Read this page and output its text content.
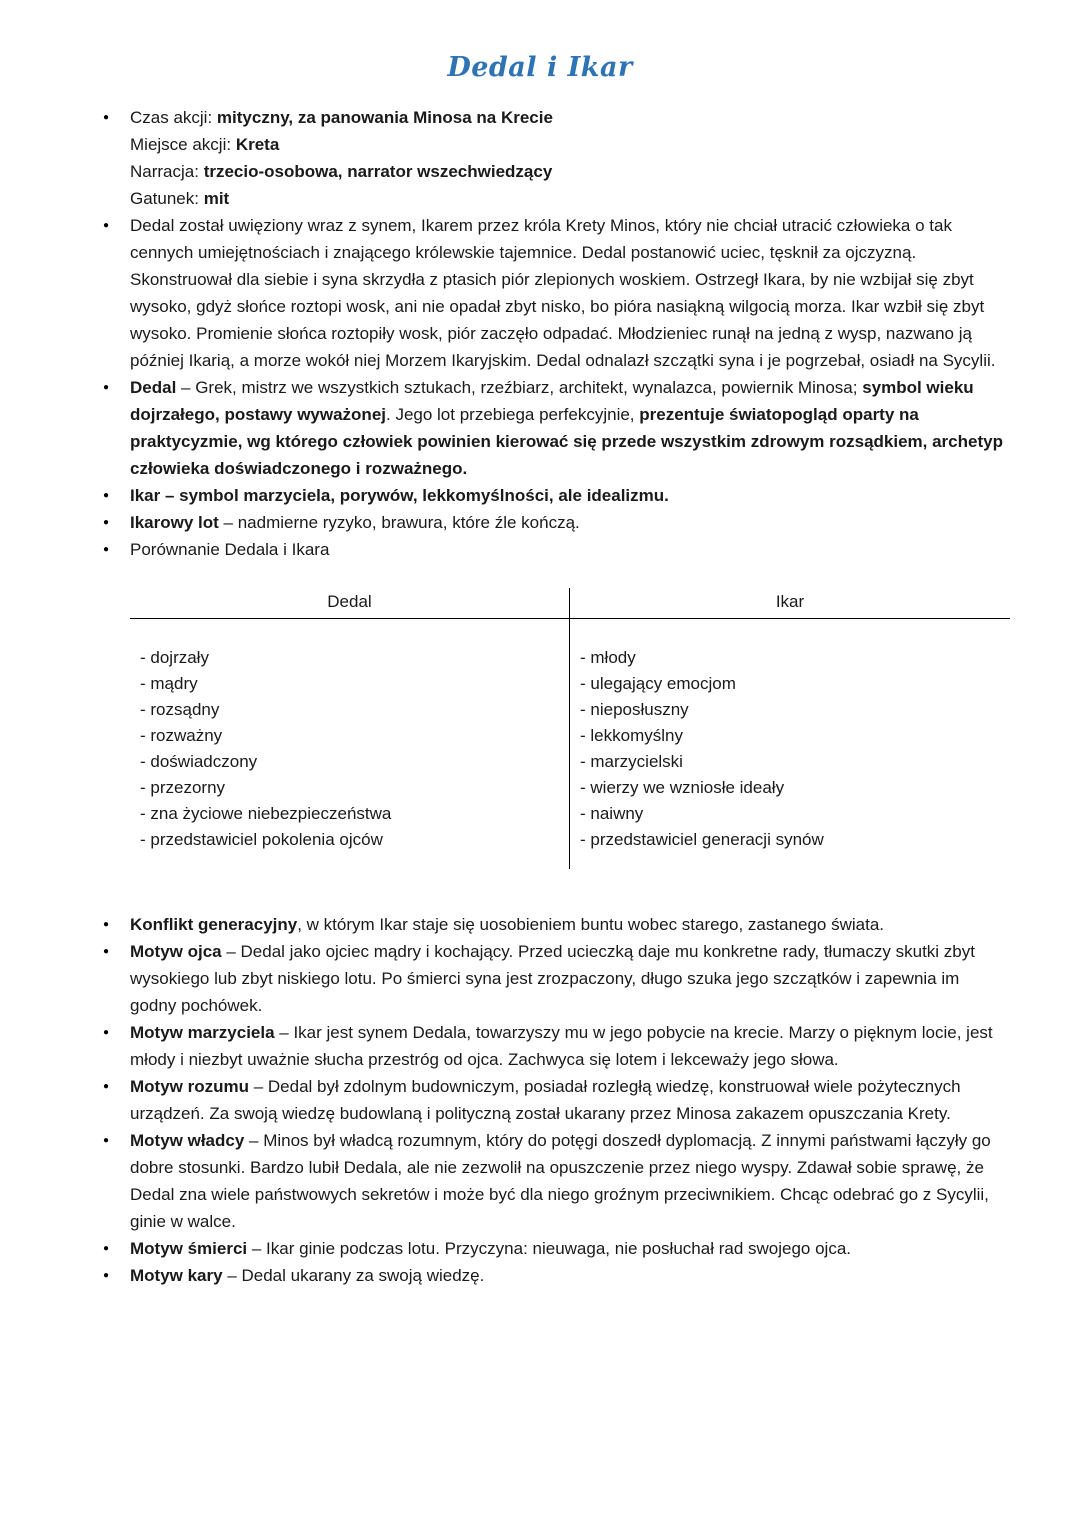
Dedal i Ikar
● Czas akcji: mityczny, za panowania Minosa na Krecie
Miejsce akcji: Kreta
Narracja: trzecio-osobowa, narrator wszechwiedzący
Gatunek: mit
● Dedal został uwięziony wraz z synem, Ikarem przez króla Krety Minos, który nie chciał utracić człowieka o tak cennych umiejętnościach i znającego królewskie tajemnice. Dedal postanowić uciec, tęsknił za ojczyzną. Skonstruował dla siebie i syna skrzydła z ptasich piór zlepionych woskiem. Ostrzegł Ikara, by nie wzbijał się zbyt wysoko, gdyż słońce roztopi wosk, ani nie opadał zbyt nisko, bo pióra nasiąkną wilgocią morza. Ikar wzbił się zbyt wysoko. Promienie słońca roztopiły wosk, piór zaczęło odpadać. Młodzieniec runął na jedną z wysp, nazwano ją później Ikarią, a morze wokół niej Morzem Ikaryjskim. Dedal odnalazł szczątki syna i je pogrzebał, osiadł na Sycylii.
● Dedal – Grek, mistrz we wszystkich sztukach, rzeźbiarz, architekt, wynalazca, powiernik Minosa; symbol wieku dojrzałego, postawy wyważonej. Jego lot przebiega perfekcyjnie, prezentuje światopogląd oparty na praktycyzmie, wg którego człowiek powinien kierować się przede wszystkim zdrowym rozsądkiem, archetyp człowieka doświadczonego i rozważnego.
● Ikar – symbol marzyciela, porywów, lekkomyślności, ale idealizmu.
● Ikarowy lot – nadmierne ryzyko, brawura, które źle kończą.
● Porównanie Dedala i Ikara
Dedal
- dojrzały
- mądry
- rozsądny
- rozważny
- doświadczony
- przezorny
- zna życiowe niebezpieczeństwa
- przedstawiciel pokolenia ojców
Ikar
- młody
- ulegający emocjom
- nieposłuszny
- lekkomyślny
- marzycielski
- wierzy we wzniosłe ideały
- naiwny
- przedstawiciel generacji synów
● Konflikt generacyjny, w którym Ikar staje się uosobieniem buntu wobec starego, zastanego świata.
● Motyw ojca – Dedal jako ojciec mądry i kochający. Przed ucieczką daje mu konkretne rady, tłumaczy skutki zbyt wysokiego lub zbyt niskiego lotu. Po śmierci syna jest zrozpaczony, długo szuka jego szczątków i zapewnia im godny pochówek.
● Motyw marzyciela – Ikar jest synem Dedala, towarzyszy mu w jego pobycie na krecie. Marzy o pięknym locie, jest młody i niezbyt uważnie słucha przestróg od ojca. Zachwyca się lotem i lekceważy jego słowa.
● Motyw rozumu – Dedal był zdolnym budowniczym, posiadał rozległą wiedzę, konstruował wiele pożytecznych urządzeń. Za swoją wiedzę budowlaną i polityczną został ukarany przez Minosa zakazem opuszczania Krety.
● Motyw władcy – Minos był władcą rozumnym, który do potęgi doszedł dyplomacją. Z innymi państwami łączyły go dobre stosunki. Bardzo lubił Dedala, ale nie zezwolił na opuszczenie przez niego wyspy. Zdawał sobie sprawę, że Dedal zna wiele państwowych sekretów i może być dla niego groźnym przeciwnikiem. Chcąc odebrać go z Sycylii, ginie w walce.
● Motyw śmierci – Ikar ginie podczas lotu. Przyczyna: nieuwaga, nie posłuchał rad swojego ojca.
● Motyw kary – Dedal ukarany za swoją wiedzę.
